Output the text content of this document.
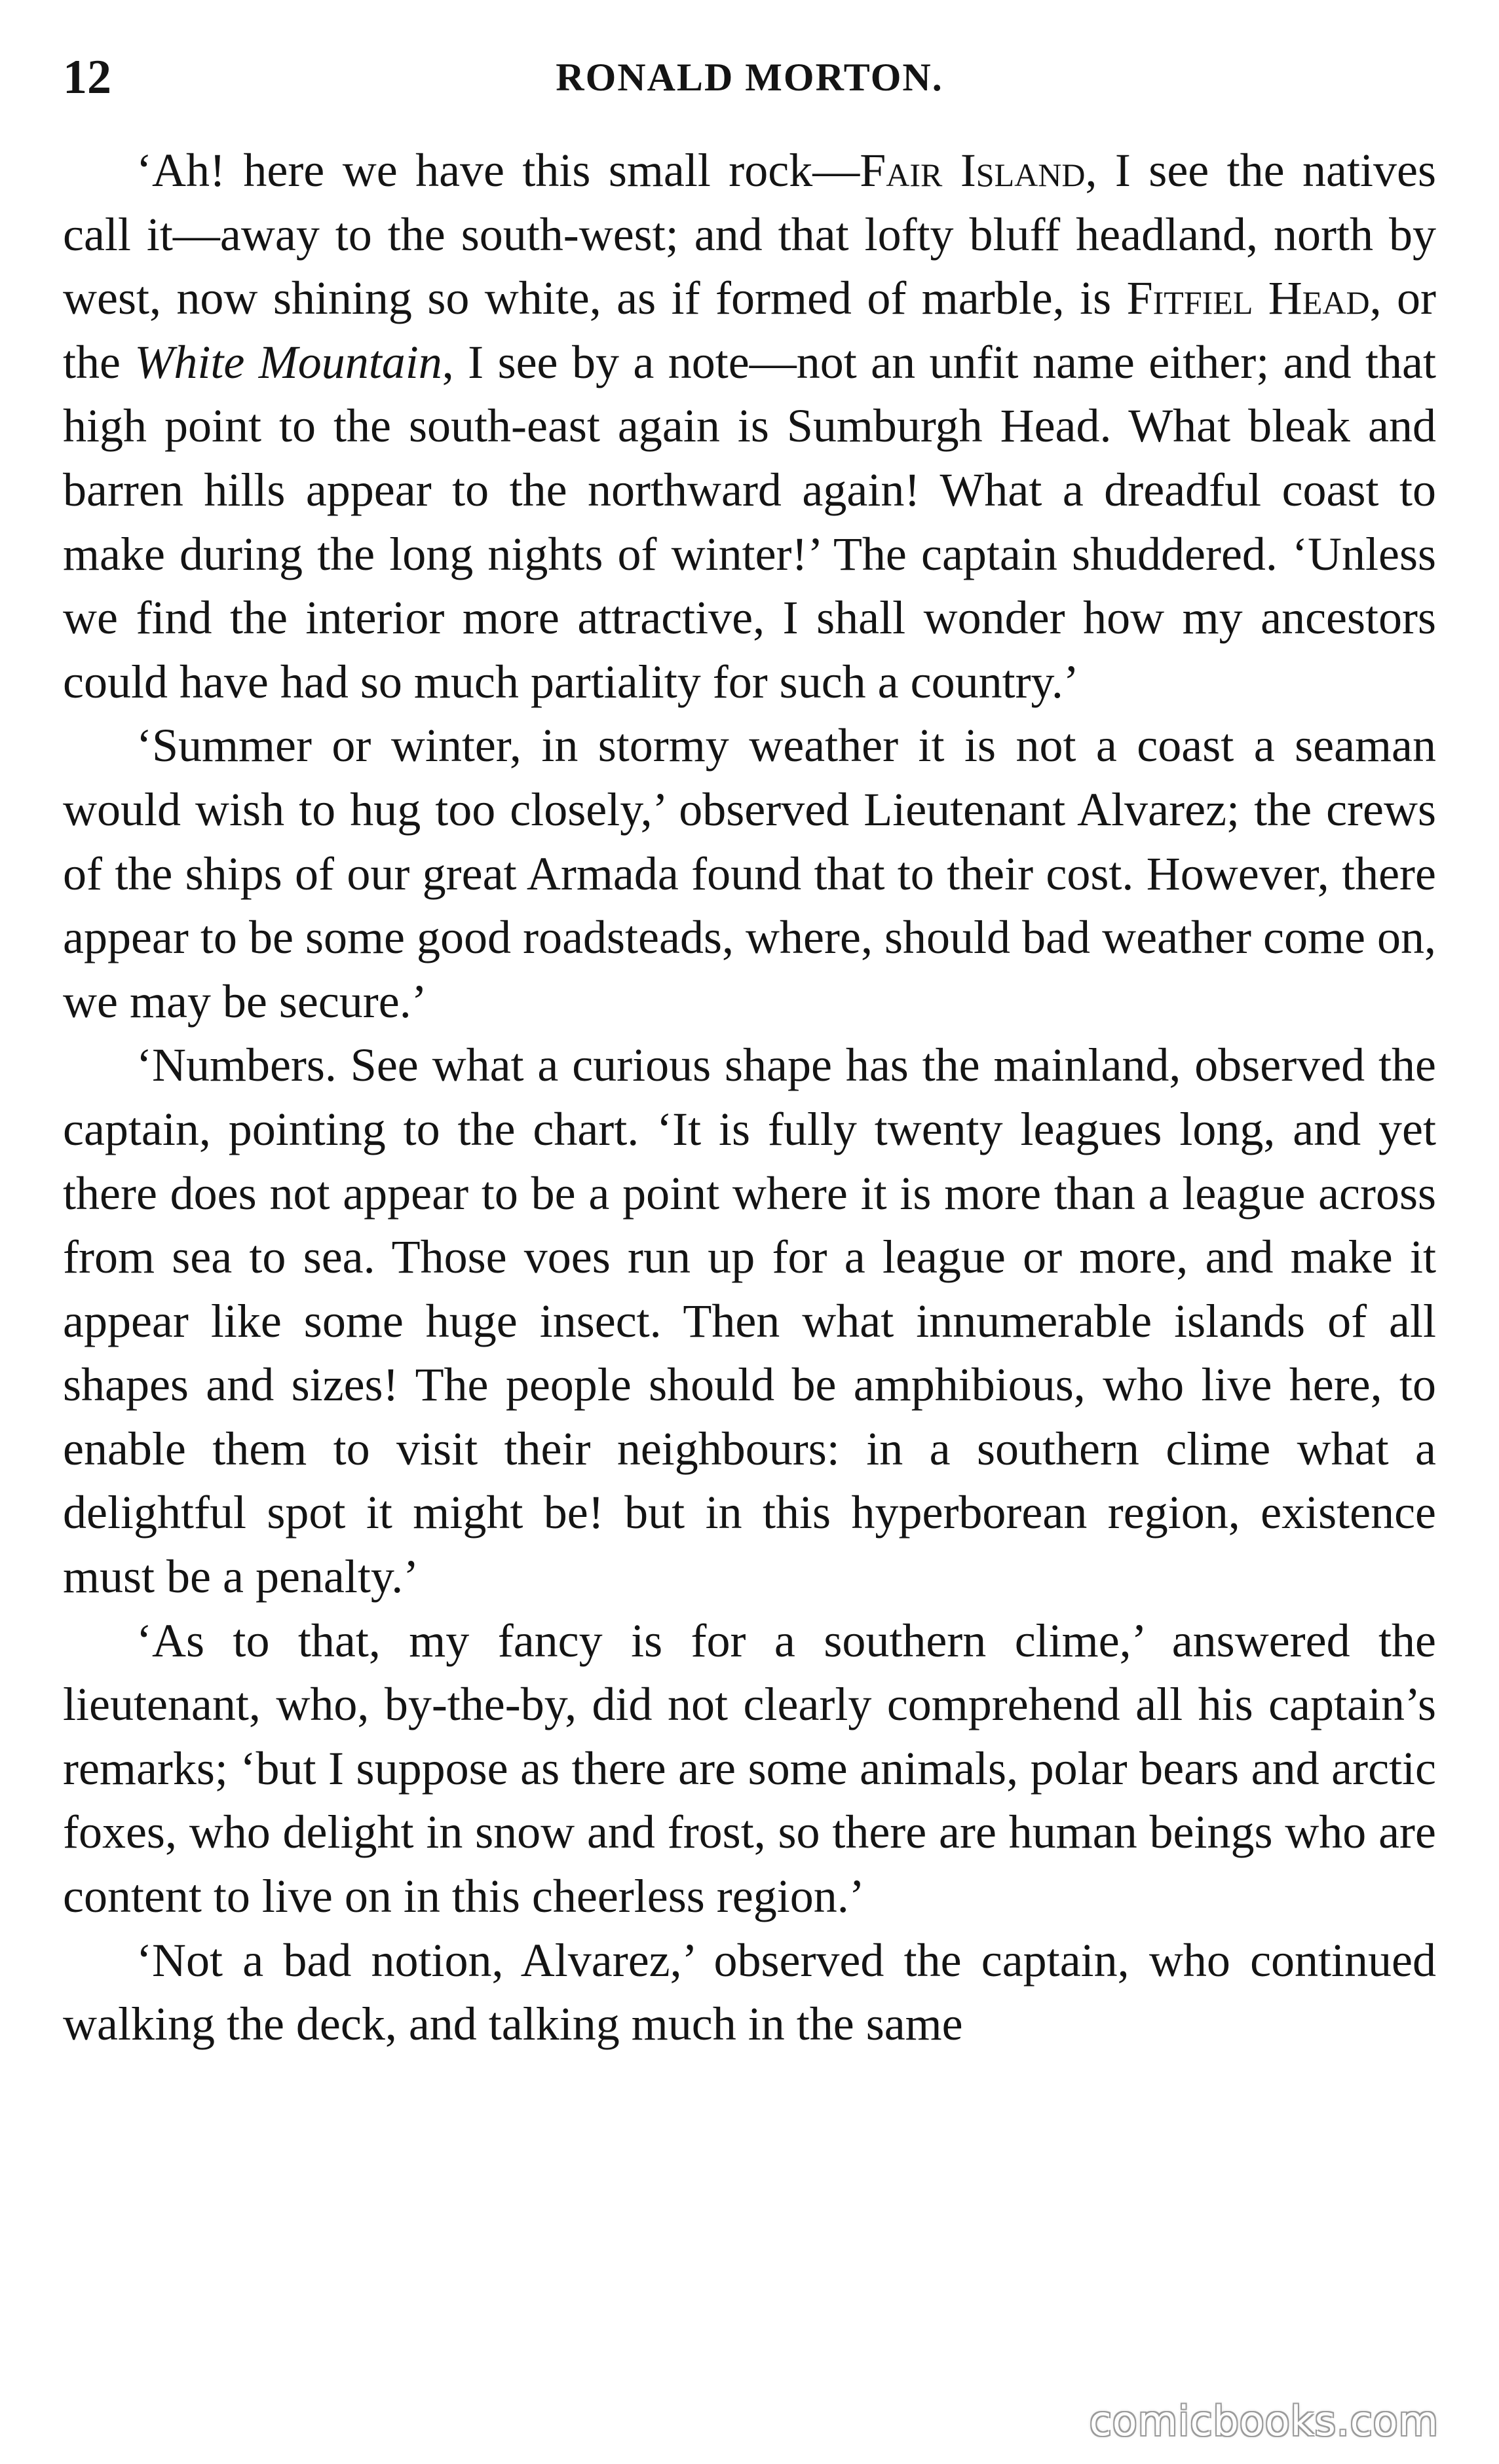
12	RONALD MORTON.

‘Ah! here we have this small rock—Fair Island, I see the natives call it—away to the south-west; and that lofty bluff headland, north by west, now shining so white, as if formed of marble, is Fitfiel Head, or the White Mountain, I see by a note—not an unfit name either; and that high point to the south-east again is Sumburgh Head. What bleak and barren hills appear to the northward again! What a dreadful coast to make during the long nights of winter!’ The captain shuddered. ‘Unless we find the interior more attractive, I shall wonder how my ancestors could have had so much partiality for such a country.’

‘Summer or winter, in stormy weather it is not a coast a seaman would wish to hug too closely,’ observed Lieutenant Alvarez; the crews of the ships of our great Armada found that to their cost. However, there appear to be some good roadsteads, where, should bad weather come on, we may be secure.’

‘Numbers. See what a curious shape has the mainland, observed the captain, pointing to the chart. ‘It is fully twenty leagues long, and yet there does not appear to be a point where it is more than a league across from sea to sea. Those voes run up for a league or more, and make it appear like some huge insect. Then what innumerable islands of all shapes and sizes! The people should be amphibious, who live here, to enable them to visit their neighbours: in a southern clime what a delightful spot it might be! but in this hyperborean region, existence must be a penalty.’

‘As to that, my fancy is for a southern clime,’ answered the lieutenant, who, by-the-by, did not clearly comprehend all his captain’s remarks; ‘but I suppose as there are some animals, polar bears and arctic foxes, who delight in snow and frost, so there are human beings who are content to live on in this cheerless region.’

‘Not a bad notion, Alvarez,’ observed the captain, who continued walking the deck, and talking much in the same

comicbooks.com
